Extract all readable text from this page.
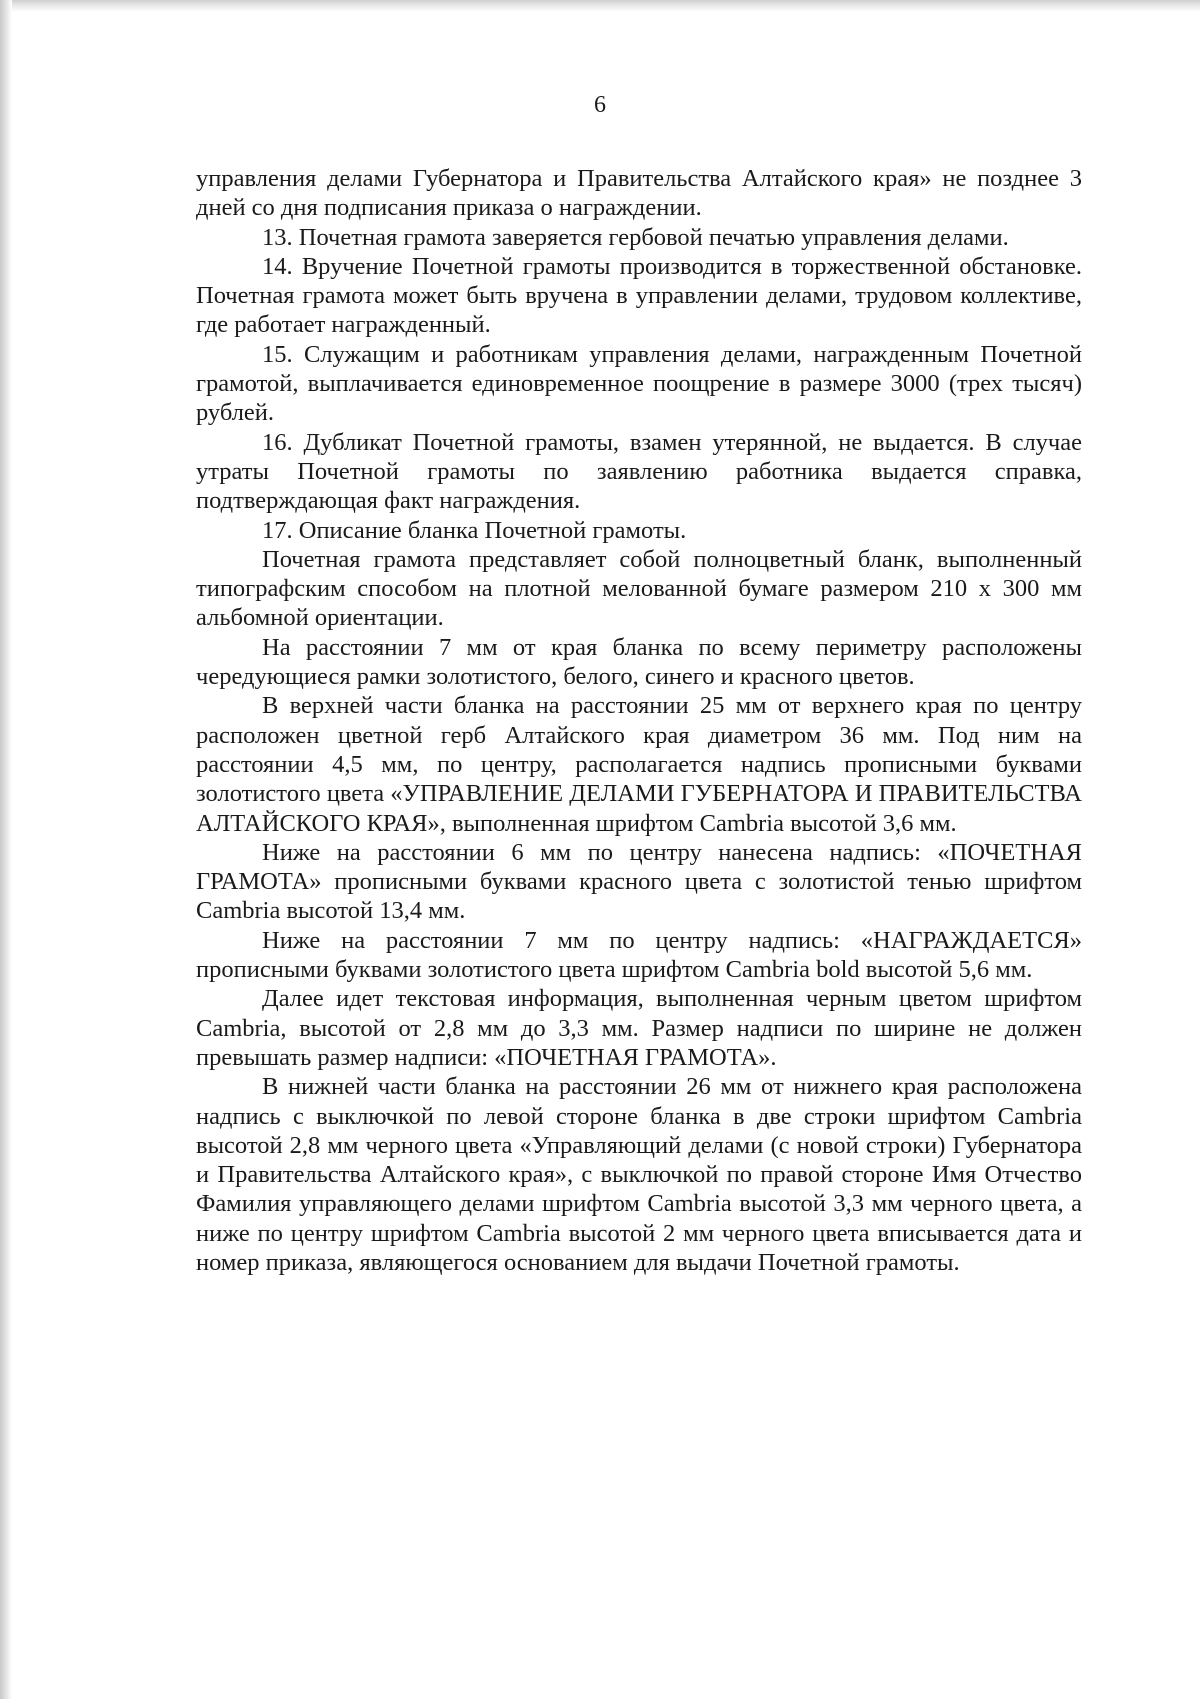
6

управления делами Губернатора и Правительства Алтайского края» не позднее 3 дней со дня подписания приказа о награждении.

13. Почетная грамота заверяется гербовой печатью управления делами.

14. Вручение Почетной грамоты производится в торжественной обстановке. Почетная грамота может быть вручена в управлении делами, трудовом коллективе, где работает награжденный.

15. Служащим и работникам управления делами, награжденным Почетной грамотой, выплачивается единовременное поощрение в размере 3000 (трех тысяч) рублей.

16. Дубликат Почетной грамоты, взамен утерянной, не выдается. В случае утраты Почетной грамоты по заявлению работника выдается справка, подтверждающая факт награждения.

17. Описание бланка Почетной грамоты.

Почетная грамота представляет собой полноцветный бланк, выполненный типографским способом на плотной мелованной бумаге размером 210 х 300 мм альбомной ориентации.

На расстоянии 7 мм от края бланка по всему периметру расположены чередующиеся рамки золотистого, белого, синего и красного цветов.

В верхней части бланка на расстоянии 25 мм от верхнего края по центру расположен цветной герб Алтайского края диаметром 36 мм. Под ним на расстоянии 4,5 мм, по центру, располагается надпись прописными буквами золотистого цвета «УПРАВЛЕНИЕ ДЕЛАМИ ГУБЕРНАТОРА И ПРАВИТЕЛЬСТВА АЛТАЙСКОГО КРАЯ», выполненная шрифтом Cambria высотой 3,6 мм.

Ниже на расстоянии 6 мм по центру нанесена надпись: «ПОЧЕТНАЯ ГРАМОТА» прописными буквами красного цвета с золотистой тенью шрифтом Cambria высотой 13,4 мм.

Ниже на расстоянии 7 мм по центру надпись: «НАГРАЖДАЕТСЯ» прописными буквами золотистого цвета шрифтом Cambria bold высотой 5,6 мм.

Далее идет текстовая информация, выполненная черным цветом шрифтом Cambria, высотой от 2,8 мм до 3,3 мм. Размер надписи по ширине не должен превышать размер надписи: «ПОЧЕТНАЯ ГРАМОТА».

В нижней части бланка на расстоянии 26 мм от нижнего края расположена надпись с выключкой по левой стороне бланка в две строки шрифтом Cambria высотой 2,8 мм черного цвета «Управляющий делами (с новой строки) Губернатора и Правительства Алтайского края», с выключкой по правой стороне Имя Отчество Фамилия управляющего делами шрифтом Cambria высотой 3,3 мм черного цвета, а ниже по центру шрифтом Cambria высотой 2 мм черного цвета вписывается дата и номер приказа, являющегося основанием для выдачи Почетной грамоты.
